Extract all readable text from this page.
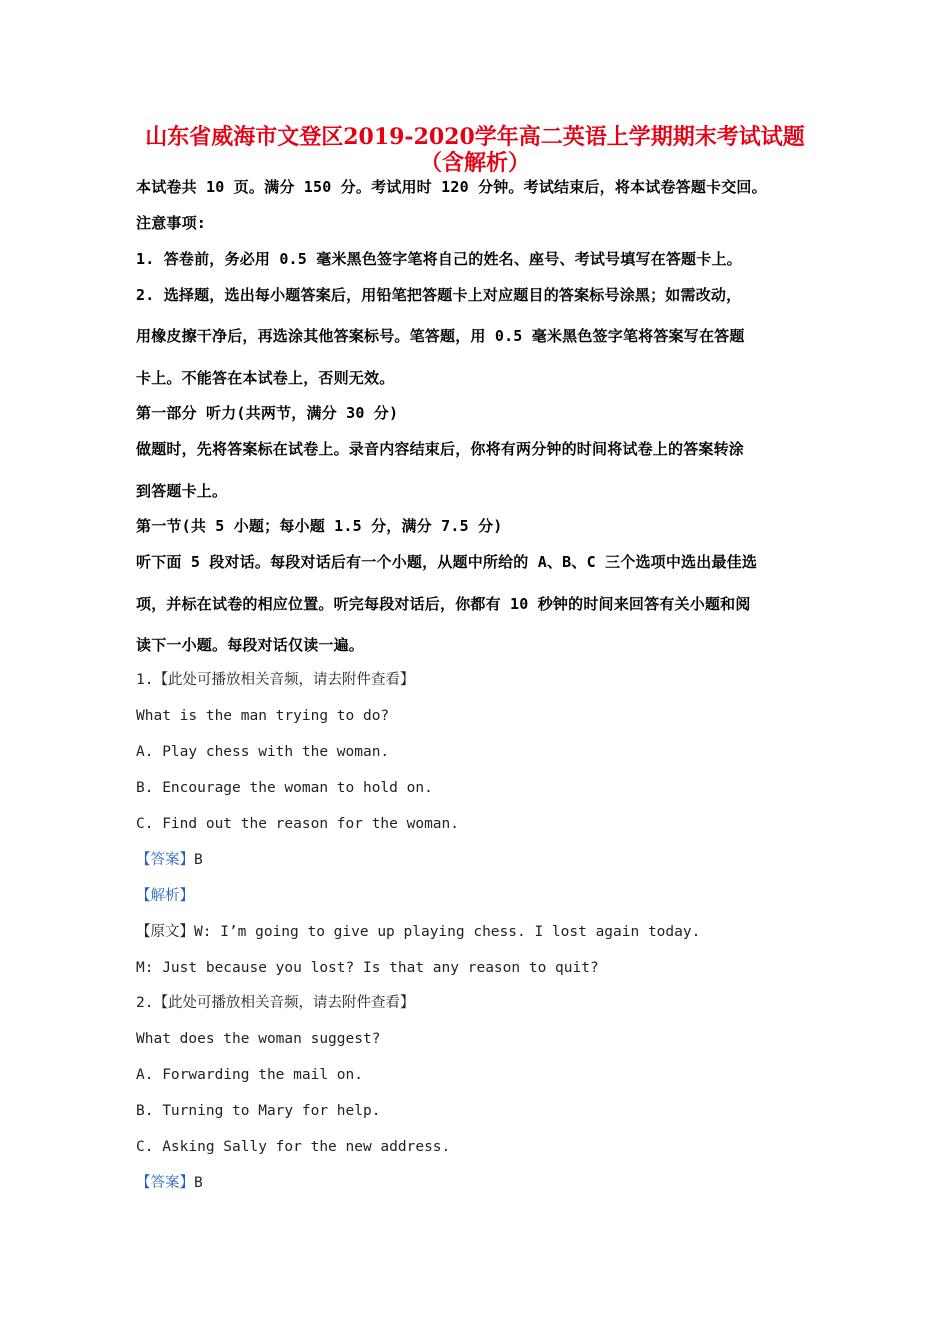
山东省威海市文登区2019-2020学年高二英语上学期期末考试试题
（含解析）
本试卷共 10 页。满分 150 分。考试用时 120 分钟。考试结束后，将本试卷答题卡交回。
注意事项:
1. 答卷前，务必用 0.5 毫米黑色签字笔将自己的姓名、座号、考试号填写在答题卡上。
2. 选择题，选出每小题答案后，用铅笔把答题卡上对应题目的答案标号涂黑；如需改动，
用橡皮擦干净后，再选涂其他答案标号。笔答题，用 0.5 毫米黑色签字笔将答案写在答题
卡上。不能答在本试卷上，否则无效。
第一部分 听力(共两节，满分 30 分)
做题时，先将答案标在试卷上。录音内容结束后，你将有两分钟的时间将试卷上的答案转涂
到答题卡上。
第一节(共 5 小题；每小题 1.5 分，满分 7.5 分)
听下面 5 段对话。每段对话后有一个小题，从题中所给的 A、B、C 三个选项中选出最佳选
项，并标在试卷的相应位置。听完每段对话后，你都有 10 秒钟的时间来回答有关小题和阅
读下一小题。每段对话仅读一遍。
1.【此处可播放相关音频，请去附件查看】
What is the man trying to do?
A. Play chess with the woman.
B. Encourage the woman to hold on.
C. Find out the reason for the woman.
【答案】B
【解析】
【原文】W: I’m going to give up playing chess. I lost again today.
M: Just because you lost? Is that any reason to quit?
2.【此处可播放相关音频，请去附件查看】
What does the woman suggest?
A. Forwarding the mail on.
B. Turning to Mary for help.
C. Asking Sally for the new address.
【答案】B
